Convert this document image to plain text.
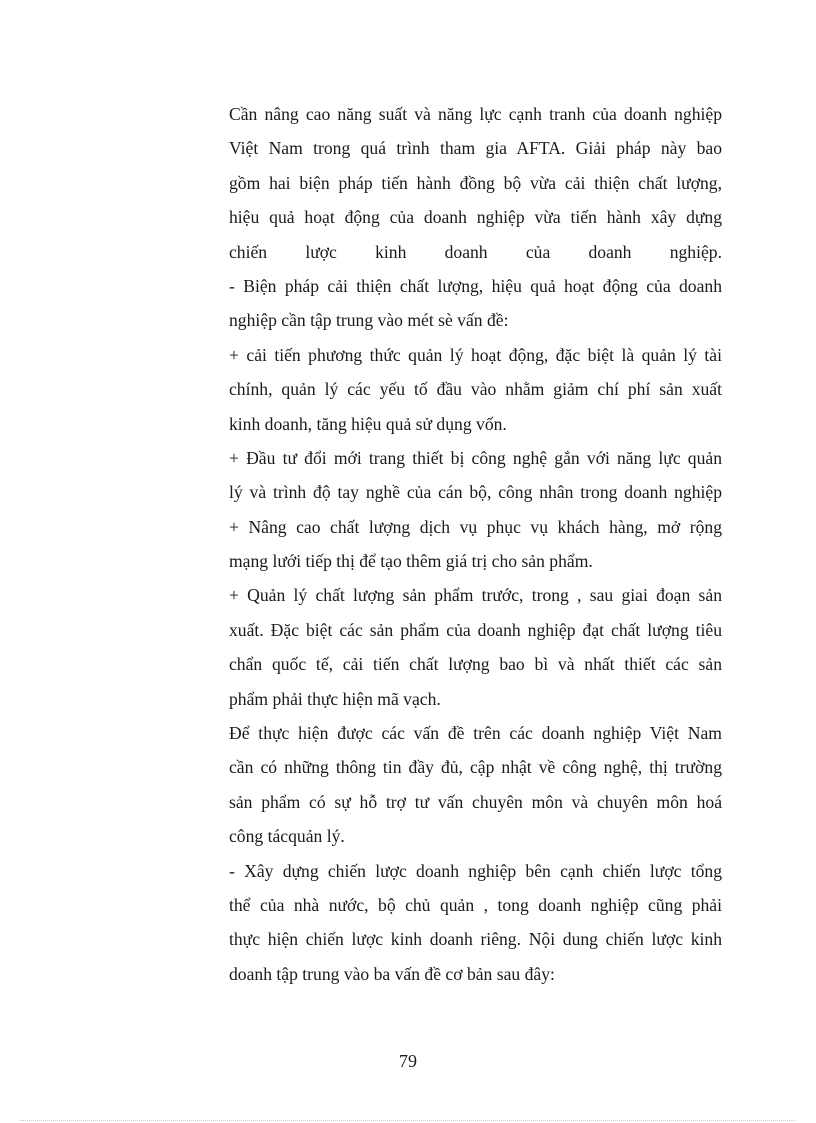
Cần nâng cao năng suất và năng lực cạnh tranh của doanh nghiệp
Việt Nam trong quá trình tham gia AFTA. Giải pháp này bao
gồm hai biện pháp tiến hành đồng bộ vừa cải thiện chất lượng,
hiệu quả hoạt động của doanh nghiệp vừa tiến hành xây dựng
chiến lược kinh doanh của doanh nghiệp.
- Biện pháp cải thiện chất lượng, hiệu quả hoạt động của doanh
nghiệp cần tập trung vào mét sè vấn đề:
+ cải tiến phương thức quản lý hoạt động, đặc biệt là quản lý tài
chính, quản lý các yếu tố đầu vào nhằm giảm chí phí sản xuất
kinh doanh, tăng hiệu quả sử dụng vốn.
+ Đầu tư đổi mới trang thiết bị công nghệ gắn với năng lực quản
lý và trình độ tay nghề của cán bộ, công nhân trong doanh nghiệp
+ Nâng cao chất lượng dịch vụ phục vụ khách hàng, mở rộng
mạng lưới tiếp thị để tạo thêm giá trị cho sản phẩm.
+ Quản lý chất lượng sản phẩm trước, trong , sau giai đoạn sản
xuất. Đặc biệt các sản phẩm của doanh nghiệp đạt chất lượng tiêu
chẩn quốc tế, cải tiến chất lượng bao bì và nhất thiết các sản
phẩm phải thực hiện mã vạch.
Để thực hiện được các vấn đề trên các doanh nghiệp Việt Nam
cần có những thông tin đầy đủ, cập nhật về công nghệ, thị trường
sản phẩm có sự hỗ trợ tư vấn chuyên môn và chuyên môn hoá
công tácquản lý.
- Xây dựng chiến lược doanh nghiệp bên cạnh chiến lược tổng
thể của nhà nước, bộ chủ quản , tong doanh nghiệp cũng phải
thực hiện chiến lược kinh doanh riêng. Nội dung chiến lược kinh
doanh tập trung vào ba vấn đề cơ bản sau đây:
79
